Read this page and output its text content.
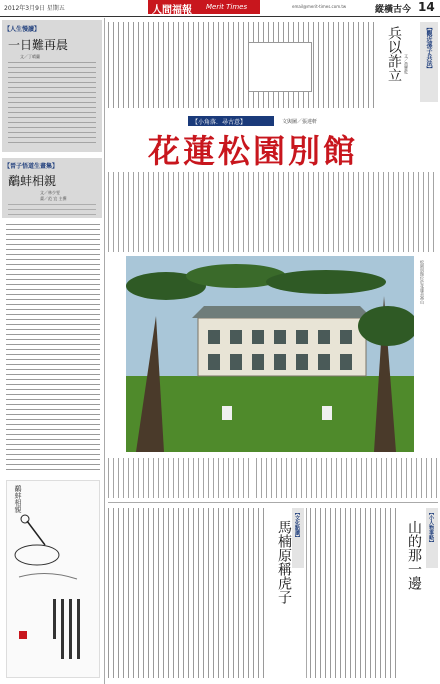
2012年3月9日 星期五	人間福報 Merit Times	email@merit-times.com.tw	縱橫古今 14
【人生慢讀】
一日難再晨
文／丁晴蘭
【晉子悟道生畫集】
鷸蚌相親
文／林少雯
畫／范 宜 主撰
鷸蚌相親
兵以詐立 文／黃寶乾	【觀近孫子兵法】
【小角落．尋古意】	文與圖／張達軒
花蓮松園別館
松園別館位於花蓮美崙山
馬楠原稱虎子 【文化點讀】	山的那一邊	【小人物事略】
